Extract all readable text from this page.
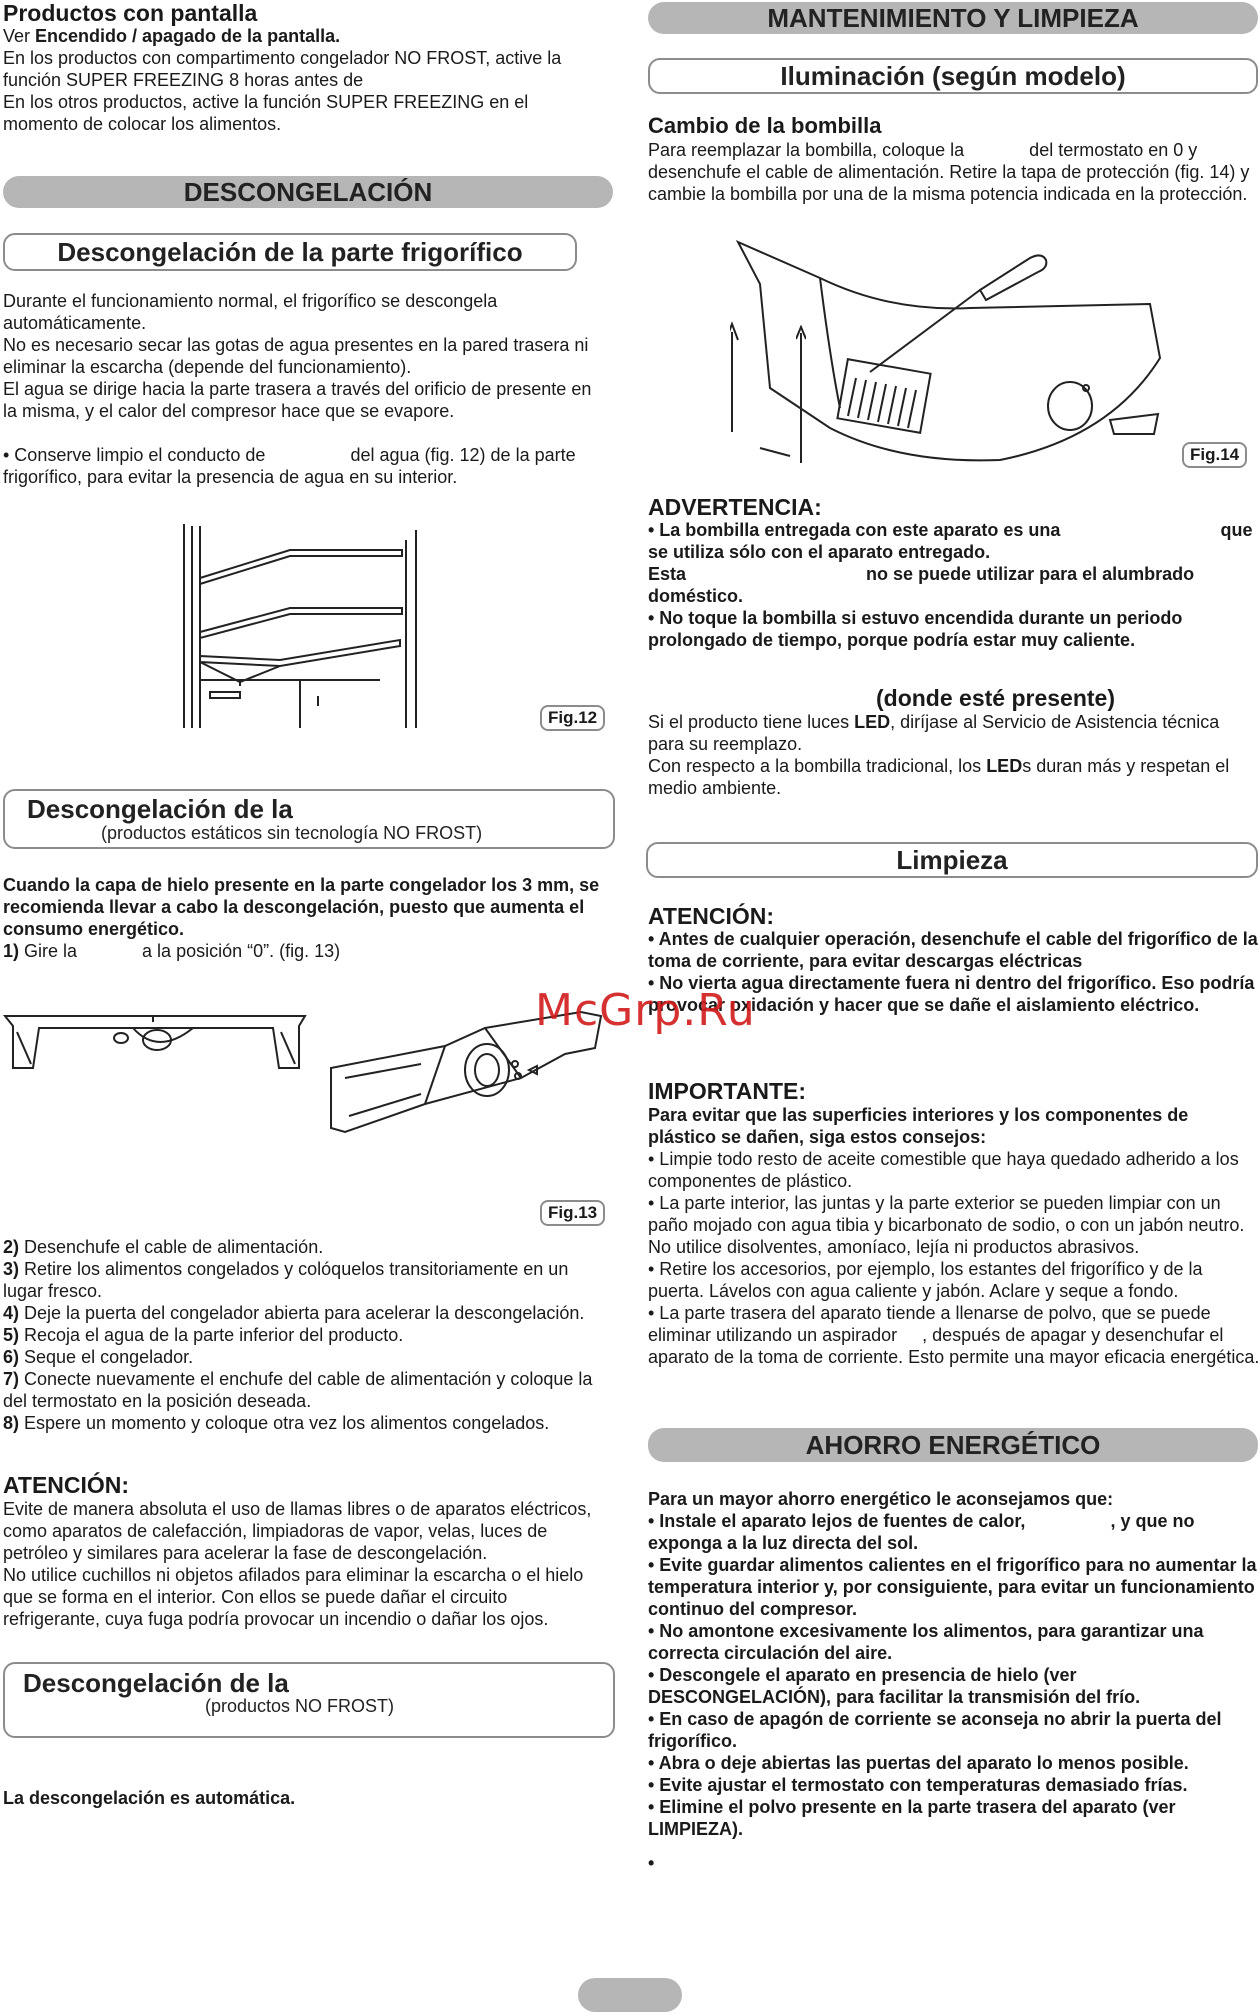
Productos con pantalla
Ver Encendido / apagado de la pantalla.
En los productos con compartimento congelador NO FROST, active la función SUPER FREEZING 8 horas antes de
En los otros productos, active la función SUPER FREEZING en el momento de colocar los alimentos.
DESCONGELACIÓN
Descongelación de la parte frigorífico
Durante el funcionamiento normal, el frigorífico se descongela automáticamente.
No es necesario secar las gotas de agua presentes en la pared trasera ni eliminar la escarcha (depende del funcionamiento).
El agua se dirige hacia la parte trasera a través del orificio de presente en la misma, y el calor del compresor hace que se evapore.
• Conserve limpio el conducto de                 del agua (fig. 12) de la parte frigorífico, para evitar la presencia de agua en su interior.
Fig.12
Descongelación de la
(productos estáticos sin tecnología NO FROST)
Cuando la capa de hielo presente en la parte congelador los 3 mm, se recomienda llevar a cabo la descongelación, puesto que aumenta el consumo energético.
1) Gire la             a la posición “0”. (fig. 13)
Fig.13
2) Desenchufe el cable de alimentación.
3) Retire los alimentos congelados y colóquelos transitoriamente en un lugar fresco.
4) Deje la puerta del congelador abierta para acelerar la descongelación.
5) Recoja el agua de la parte inferior del producto.
6) Seque el congelador.
7) Conecte nuevamente el enchufe del cable de alimentación y coloque la             del termostato en la posición deseada.
8) Espere un momento y coloque otra vez los alimentos congelados.
ATENCIÓN:
Evite de manera absoluta el uso de llamas libres o de aparatos eléctricos, como aparatos de calefacción, limpiadoras de vapor, velas, luces de petróleo y similares para acelerar la fase de descongelación.
No utilice cuchillos ni objetos afilados para eliminar la escarcha o el hielo que se forma en el interior. Con ellos se puede dañar el circuito refrigerante, cuya fuga podría provocar un incendio o dañar los ojos.
Descongelación de la
(productos NO FROST)
La descongelación es automática.
MANTENIMIENTO Y LIMPIEZA
Iluminación (según modelo)
Cambio de la bombilla
Para reemplazar la bombilla, coloque la             del termostato en 0 y desenchufe el cable de alimentación. Retire la tapa de protección (fig. 14) y cambie la bombilla por una de la misma potencia indicada en la protección.
Fig.14
ADVERTENCIA:
• La bombilla entregada con este aparato es una                                que se utiliza sólo con el aparato entregado.
Esta                                    no se puede utilizar para el alumbrado doméstico.
• No toque la bombilla si estuvo encendida durante un periodo prolongado de tiempo, porque podría estar muy caliente.
(donde esté presente)
Si el producto tiene luces LED, diríjase al Servicio de Asistencia técnica para su reemplazo.
Con respecto a la bombilla tradicional, los LEDs duran más y respetan el medio ambiente.
Limpieza
ATENCIÓN:
• Antes de cualquier operación, desenchufe el cable del frigorífico de la toma de corriente, para evitar descargas eléctricas
• No vierta agua directamente fuera ni dentro del frigorífico. Eso podría provocar oxidación y hacer que se dañe el aislamiento eléctrico.
IMPORTANTE:
Para evitar que las superficies interiores y los componentes de plástico se dañen, siga estos consejos:
• Limpie todo resto de aceite comestible que haya quedado adherido a los componentes de plástico.
• La parte interior, las juntas y la parte exterior se pueden limpiar con un paño mojado con agua tibia y bicarbonato de sodio, o con un jabón neutro. No utilice disolventes, amoníaco, lejía ni productos abrasivos.
• Retire los accesorios, por ejemplo, los estantes del frigorífico y de la puerta. Lávelos con agua caliente y jabón. Aclare y seque a fondo.
• La parte trasera del aparato tiende a llenarse de polvo, que se puede eliminar utilizando un aspirador     , después de apagar y desenchufar el aparato de la toma de corriente. Esto permite una mayor eficacia energética.
AHORRO ENERGÉTICO
Para un mayor ahorro energético le aconsejamos que:
• Instale el aparato lejos de fuentes de calor,                 , y que no      exponga a la luz directa del sol.
• Evite guardar alimentos calientes en el frigorífico para no aumentar la temperatura interior y, por consiguiente, para evitar un funcionamiento continuo del compresor.
• No amontone excesivamente los alimentos, para garantizar una correcta circulación del aire.
• Descongele el aparato en presencia de hielo (ver DESCONGELACIÓN), para facilitar la transmisión del frío.
• En caso de apagón de corriente se aconseja no abrir la puerta del frigorífico.
• Abra o deje abiertas las puertas del aparato lo menos posible.
• Evite ajustar el termostato con temperaturas demasiado frías.
• Elimine el polvo presente en la parte trasera del aparato (ver LIMPIEZA).
•
McGrp.Ru
